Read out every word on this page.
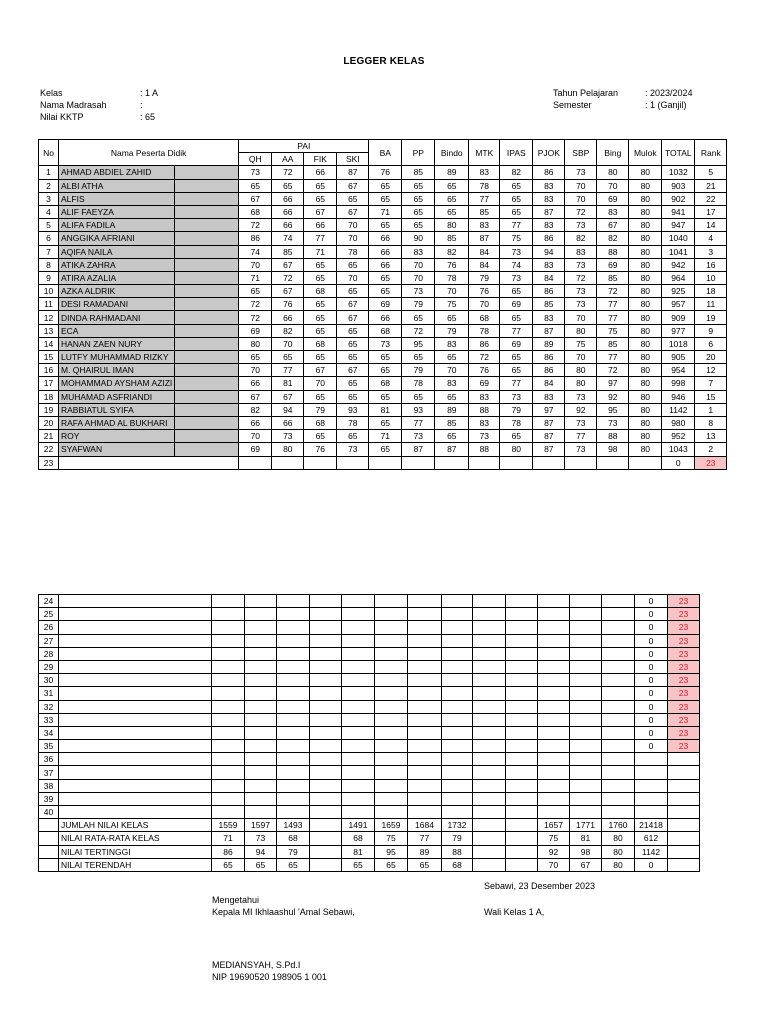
LEGGER KELAS
Kelas	: 1 A
Nama Madrasah	:
Nilai KKTP	: 65
Tahun Pelajaran	: 2023/2024
Semester	: 1 (Ganjil)
No	Nama Peserta Didik		PAI				BA	PP	Bindo	MTK	IPAS	PJOK	SBP	Bing	Mulok	TOTAL	Rank
			QH	AA	FIK	SKI											
1	AHMAD ABDIEL ZAHID		73	72	66	87	76	85	89	83	82	86	73	80	80	1032	5
2	ALBI ATHA		65	65	65	67	65	65	65	78	65	83	70	70	80	903	21
3	ALFIS		67	66	65	65	65	65	65	77	65	83	70	69	80	902	22
4	ALIF FAEYZA		68	66	67	67	71	65	65	85	65	87	72	83	80	941	17
5	ALIFA FADILA		72	66	66	70	65	65	80	83	77	83	73	67	80	947	14
6	ANGGIKA AFRIANI		86	74	77	70	66	90	85	87	75	86	82	82	80	1040	4
7	AQIFA NAILA		74	85	71	78	66	83	82	84	73	94	83	88	80	1041	3
8	ATIKA ZAHRA		70	67	65	65	66	70	76	84	74	83	73	69	80	942	16
9	ATIRA AZALIA		71	72	65	70	65	70	78	79	73	84	72	85	80	964	10
10	AZKA ALDRIK		65	67	68	65	65	73	70	76	65	86	73	72	80	925	18
11	DESI RAMADANI		72	76	65	67	69	79	75	70	69	85	73	77	80	957	11
12	DINDA RAHMADANI		72	66	65	67	66	65	65	68	65	83	70	77	80	909	19
13	ECA		69	82	65	65	68	72	79	78	77	87	80	75	80	977	9
14	HANAN ZAEN NURY		80	70	68	65	73	95	83	86	69	89	75	85	80	1018	6
15	LUTFY MUHAMMAD RIZKY		65	65	65	65	65	65	65	72	65	86	70	77	80	905	20
16	M. QHAIRUL IMAN		70	77	67	67	65	79	70	76	65	86	80	72	80	954	12
17	MOHAMMAD AYSHAM AZIZI		66	81	70	65	68	78	83	69	77	84	80	97	80	998	7
18	MUHAMAD ASFRIANDI		67	67	65	65	65	65	65	83	73	83	73	92	80	946	15
19	RABBIATUL SYIFA		82	94	79	93	81	93	89	88	79	97	92	95	80	1142	1
20	RAFA AHMAD AL BUKHARI		66	66	68	78	65	77	85	83	78	87	73	73	80	980	8
21	ROY		70	73	65	65	71	73	65	73	65	87	77	88	80	952	13
22	SYAFWAN		69	80	76	73	65	87	87	88	80	87	73	98	80	1043	2
23																0	23
24															0	23
25															0	23
26															0	23
27															0	23
28															0	23
29															0	23
30															0	23
31															0	23
32															0	23
33															0	23
34															0	23
35															0	23
36																
37																
38																
39																
40																
	JUMLAH NILAI KELAS	1559	1597	1493		1491	1659	1684	1732			1657	1771	1760	21418	
	NILAI RATA-RATA KELAS	71	73	68		68	75	77	79			75	81	80	612	
	NILAI TERTINGGI	86	94	79		81	95	89	88			92	98	80	1142	
	NILAI TERENDAH	65	65	65		65	65	65	68			70	67	80	0	
Sebawi, 23 Desember 2023
Mengetahui
Kepala MI Ikhlaashul 'Amal Sebawi,	Wali Kelas 1 A,
MEDIANSYAH, S.Pd.I
NIP 19690520 198905 1 001
